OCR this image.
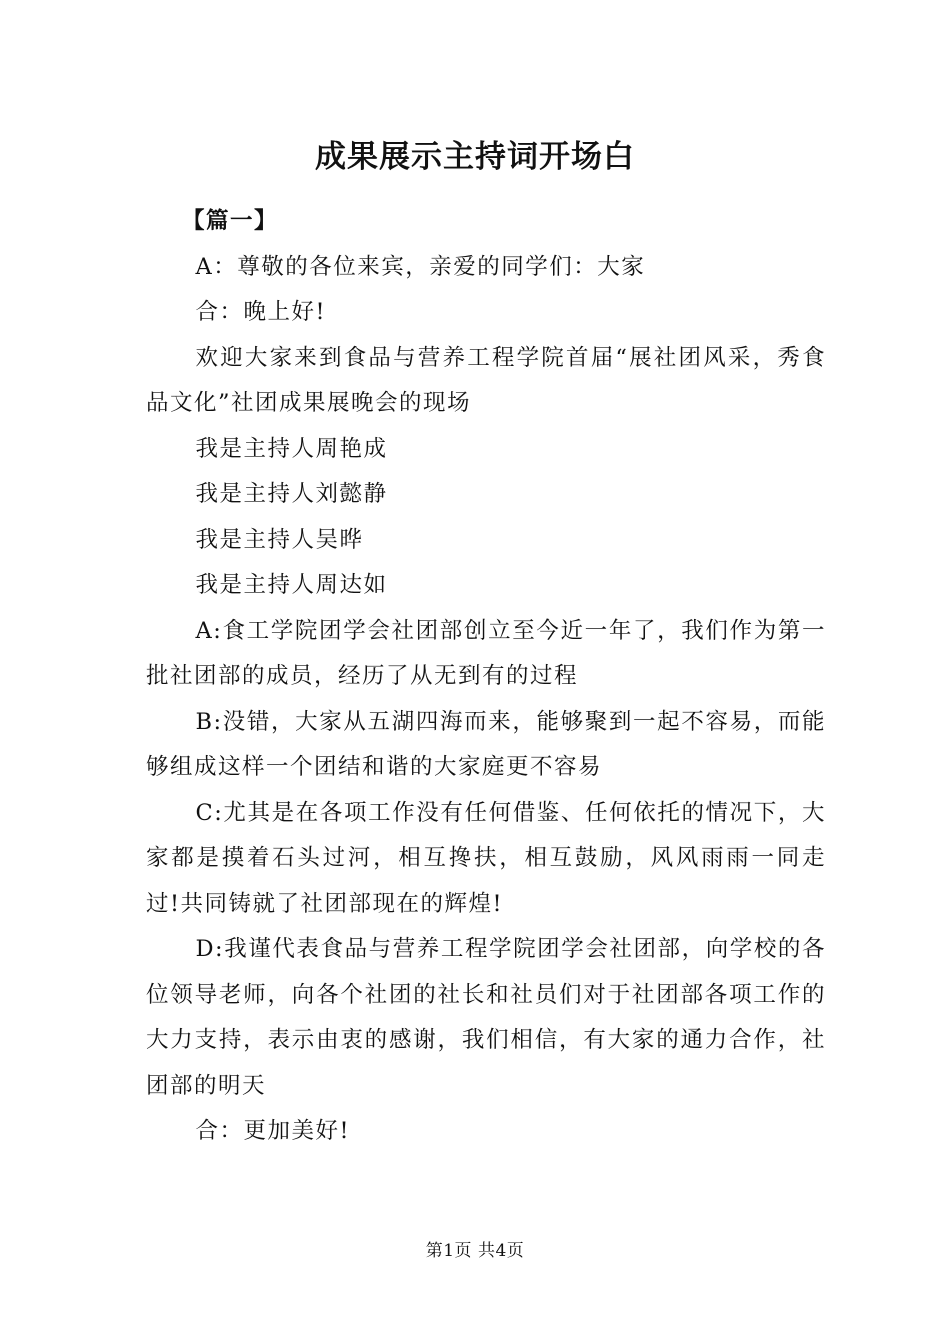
成果展示主持词开场白

【篇一】

A：尊敬的各位来宾，亲爱的同学们：大家

合：晚上好!

欢迎大家来到食品与营养工程学院首届“展社团风采，秀食品文化”社团成果展晚会的现场

我是主持人周艳成

我是主持人刘懿静

我是主持人吴晔

我是主持人周达如

A:食工学院团学会社团部创立至今近一年了，我们作为第一批社团部的成员，经历了从无到有的过程

B:没错，大家从五湖四海而来，能够聚到一起不容易，而能够组成这样一个团结和谐的大家庭更不容易

C:尤其是在各项工作没有任何借鉴、任何依托的情况下，大家都是摸着石头过河，相互搀扶，相互鼓励，风风雨雨一同走过!共同铸就了社团部现在的辉煌!

D:我谨代表食品与营养工程学院团学会社团部，向学校的各位领导老师，向各个社团的社长和社员们对于社团部各项工作的大力支持，表示由衷的感谢，我们相信，有大家的通力合作，社团部的明天

合：更加美好!

第1页 共4页
